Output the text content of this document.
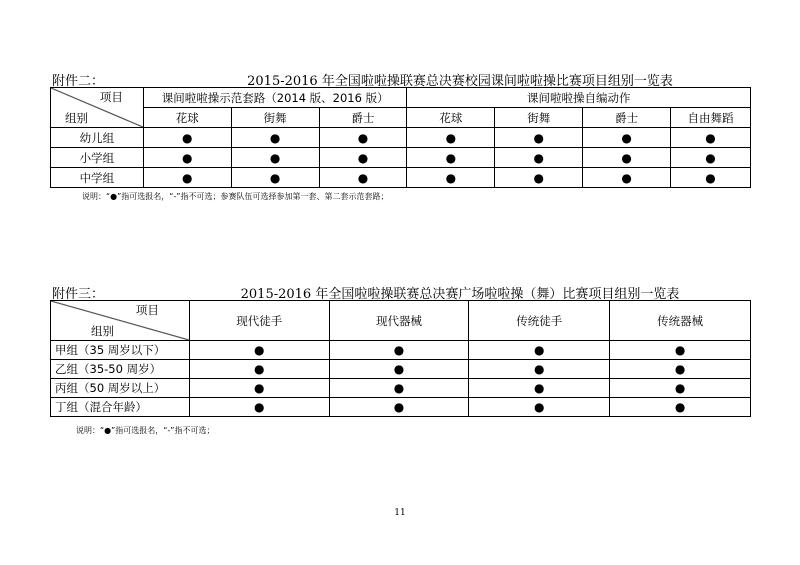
附件二：	2015-2016 年全国啦啦操联赛总决赛校园课间啦啦操比赛项目组别一览表
项目
组别	课间啦啦操示范套路（2014 版、2016 版）			课间啦啦操自编动作			
	花球	街舞	爵士	花球	街舞	爵士	自由舞蹈
幼儿组	●	●	●	●	●	●	●
小学组	●	●	●	●	●	●	●
中学组	●	●	●	●	●	●	●
说明：“●”指可选报名，“-”指不可选；参赛队伍可选择参加第一套、第二套示范套路；
附件三：	2015-2016 年全国啦啦操联赛总决赛广场啦啦操（舞）比赛项目组别一览表
项目
组别	现代徒手	现代器械	传统徒手	传统器械
甲组（35 周岁以下）	●	●	●	●
乙组（35-50 周岁）	●	●	●	●
丙组（50 周岁以上）	●	●	●	●
丁组（混合年龄）	●	●	●	●
说明：“●”指可选报名，“-”指不可选；
11
